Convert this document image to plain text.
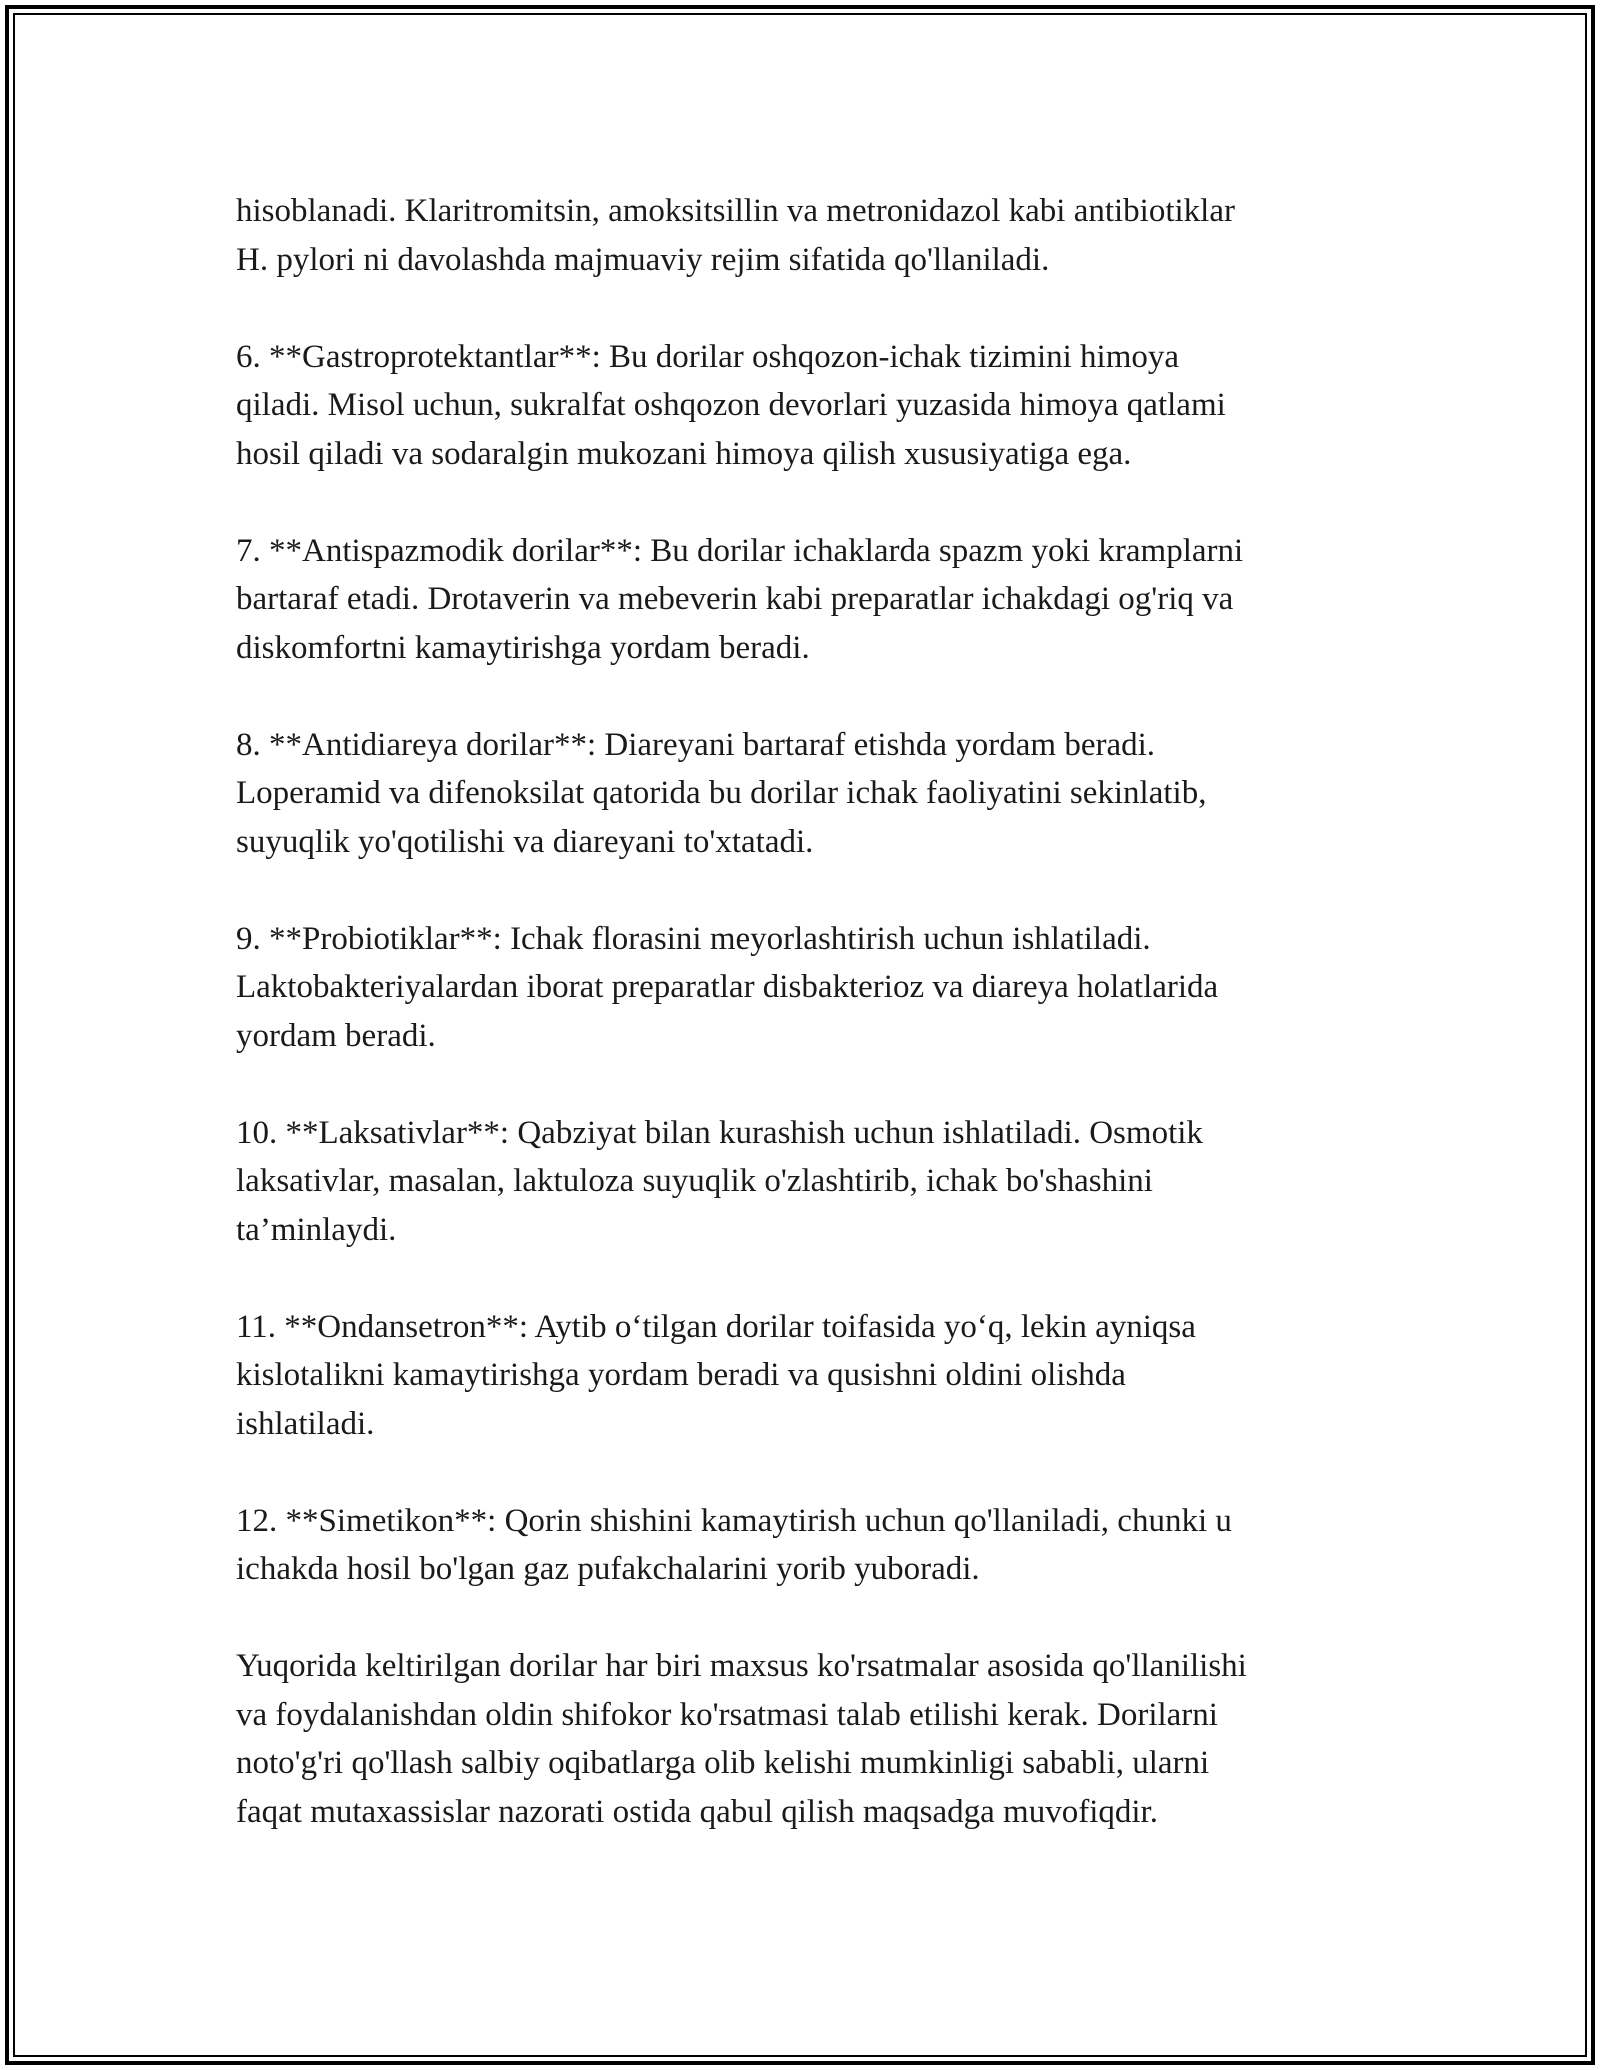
hisoblanadi. Klaritromitsin, amoksitsillin va metronidazol kabi antibiotiklar
H. pylori ni davolashda majmuaviy rejim sifatida qo'llaniladi.

6. **Gastroprotektantlar**: Bu dorilar oshqozon-ichak tizimini himoya
qiladi. Misol uchun, sukralfat oshqozon devorlari yuzasida himoya qatlami
hosil qiladi va sodaralgin mukozani himoya qilish xususiyatiga ega.

7. **Antispazmodik dorilar**: Bu dorilar ichaklarda spazm yoki kramplarni
bartaraf etadi. Drotaverin va mebeverin kabi preparatlar ichakdagi og'riq va
diskomfortni kamaytirishga yordam beradi.

8. **Antidiareya dorilar**: Diareyani bartaraf etishda yordam beradi.
Loperamid va difenoksilat qatorida bu dorilar ichak faoliyatini sekinlatib,
suyuqlik yo'qotilishi va diareyani to'xtatadi.

9. **Probiotiklar**: Ichak florasini meyorlashtirish uchun ishlatiladi.
Laktobakteriyalardan iborat preparatlar disbakterioz va diareya holatlarida
yordam beradi.

10. **Laksativlar**: Qabziyat bilan kurashish uchun ishlatiladi. Osmotik
laksativlar, masalan, laktuloza suyuqlik o'zlashtirib, ichak bo'shashini
ta’minlaydi.

11. **Ondansetron**: Aytib o‘tilgan dorilar toifasida yo‘q, lekin ayniqsa
kislotalikni kamaytirishga yordam beradi va qusishni oldini olishda
ishlatiladi.

12. **Simetikon**: Qorin shishini kamaytirish uchun qo'llaniladi, chunki u
ichakda hosil bo'lgan gaz pufakchalarini yorib yuboradi.

Yuqorida keltirilgan dorilar har biri maxsus ko'rsatmalar asosida qo'llanilishi
va foydalanishdan oldin shifokor ko'rsatmasi talab etilishi kerak. Dorilarni
noto'g'ri qo'llash salbiy oqibatlarga olib kelishi mumkinligi sababli, ularni
faqat mutaxassislar nazorati ostida qabul qilish maqsadga muvofiqdir.
